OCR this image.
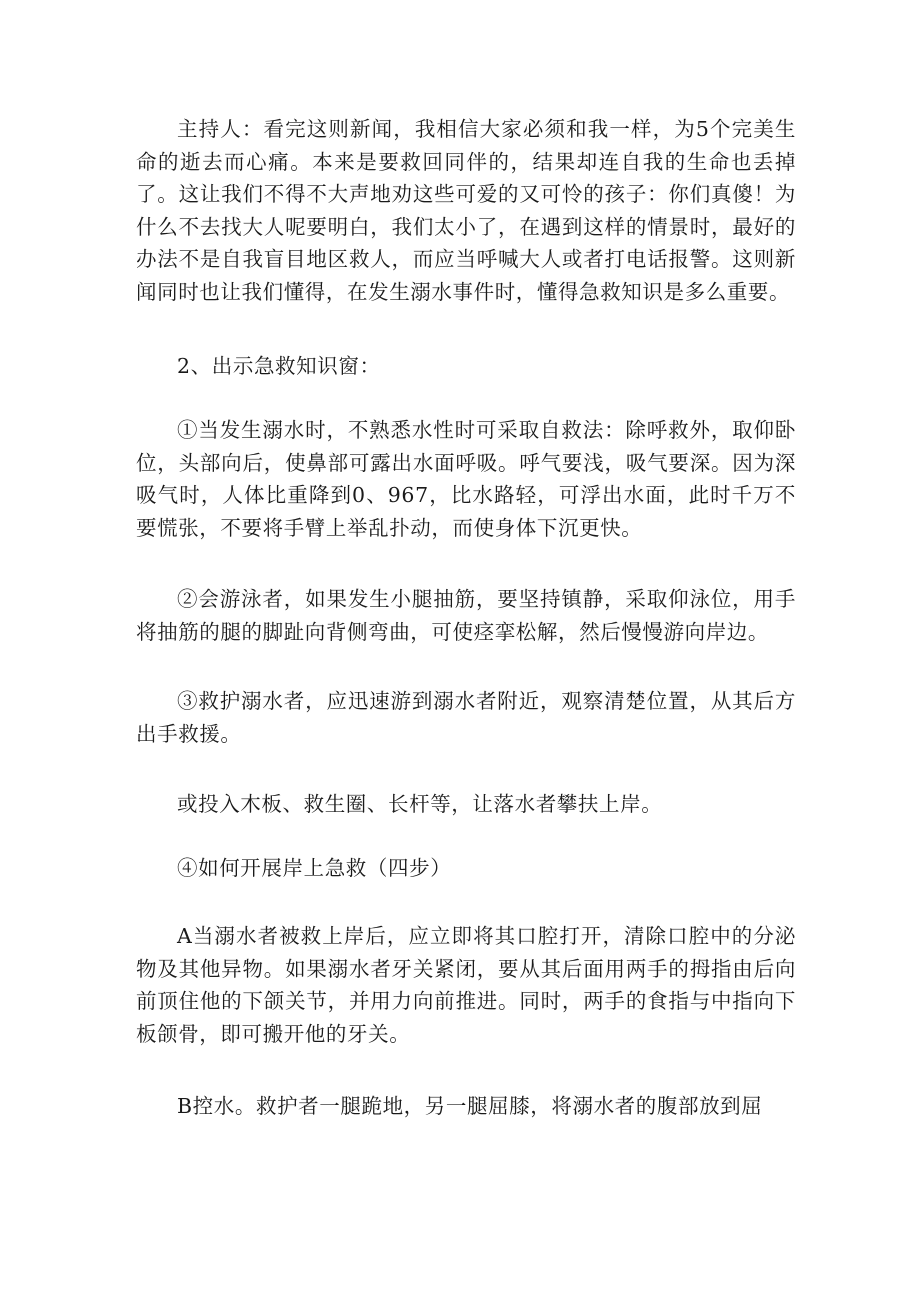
主持人：看完这则新闻，我相信大家必须和我一样，为5个完美生命的逝去而心痛。本来是要救回同伴的，结果却连自我的生命也丢掉了。这让我们不得不大声地劝这些可爱的又可怜的孩子：你们真傻！为什么不去找大人呢要明白，我们太小了，在遇到这样的情景时，最好的办法不是自我盲目地区救人，而应当呼喊大人或者打电话报警。这则新闻同时也让我们懂得，在发生溺水事件时，懂得急救知识是多么重要。

2、出示急救知识窗：

①当发生溺水时，不熟悉水性时可采取自救法：除呼救外，取仰卧位，头部向后，使鼻部可露出水面呼吸。呼气要浅，吸气要深。因为深吸气时，人体比重降到0、967，比水路轻，可浮出水面，此时千万不要慌张，不要将手臂上举乱扑动，而使身体下沉更快。

②会游泳者，如果发生小腿抽筋，要坚持镇静，采取仰泳位，用手将抽筋的腿的脚趾向背侧弯曲，可使痉挛松解，然后慢慢游向岸边。

③救护溺水者，应迅速游到溺水者附近，观察清楚位置，从其后方出手救援。

或投入木板、救生圈、长杆等，让落水者攀扶上岸。

④如何开展岸上急救（四步）

A当溺水者被救上岸后，应立即将其口腔打开，清除口腔中的分泌物及其他异物。如果溺水者牙关紧闭，要从其后面用两手的拇指由后向前顶住他的下颌关节，并用力向前推进。同时，两手的食指与中指向下板颌骨，即可搬开他的牙关。

B控水。救护者一腿跪地，另一腿屈膝，将溺水者的腹部放到屈
